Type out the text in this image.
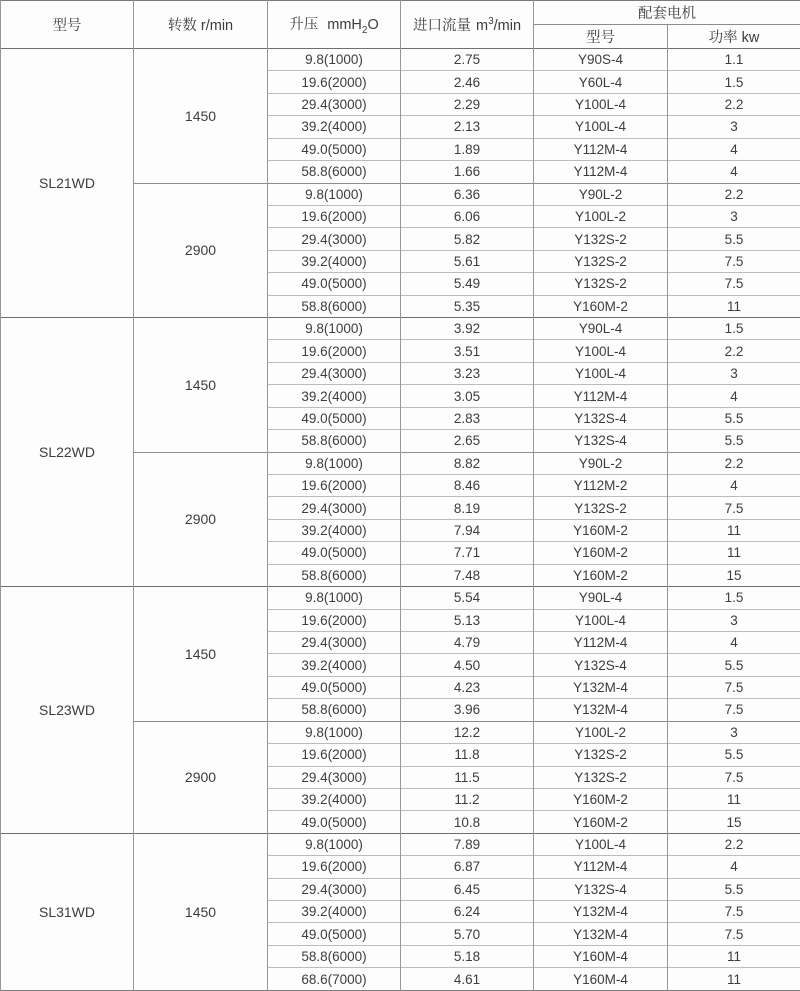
型号	转数 r/min	升压 mmH$_2$O	进口流量 $m^3/\min$	配套电机	
				型号	功率 kw
SL21WD	1450	9.8(1000)	2.75	Y90S-4	1.1
		19.6(2000)	2.46	Y60L-4	1.5
		29.4(3000)	2.29	Y100L-4	2.2
		39.2(4000)	2.13	Y100L-4	3
		49.0(5000)	1.89	Y112M-4	4
		58.8(6000)	1.66	Y112M-4	4
	2900	9.8(1000)	6.36	Y90L-2	2.2
		19.6(2000)	6.06	Y100L-2	3
		29.4(3000)	5.82	Y132S-2	5.5
		39.2(4000)	5.61	Y132S-2	7.5
		49.0(5000)	5.49	Y132S-2	7.5
		58.8(6000)	5.35	Y160M-2	11
SL22WD	1450	9.8(1000)	3.92	Y90L-4	1.5
		19.6(2000)	3.51	Y100L-4	2.2
		29.4(3000)	3.23	Y100L-4	3
		39.2(4000)	3.05	Y112M-4	4
		49.0(5000)	2.83	Y132S-4	5.5
		58.8(6000)	2.65	Y132S-4	5.5
	2900	9.8(1000)	8.82	Y90L-2	2.2
		19.6(2000)	8.46	Y112M-2	4
		29.4(3000)	8.19	Y132S-2	7.5
		39.2(4000)	7.94	Y160M-2	11
		49.0(5000)	7.71	Y160M-2	11
		58.8(6000)	7.48	Y160M-2	15
SL23WD	1450	9.8(1000)	5.54	Y90L-4	1.5
		19.6(2000)	5.13	Y100L-4	3
		29.4(3000)	4.79	Y112M-4	4
		39.2(4000)	4.50	Y132S-4	5.5
		49.0(5000)	4.23	Y132M-4	7.5
		58.8(6000)	3.96	Y132M-4	7.5
	2900	9.8(1000)	12.2	Y100L-2	3
		19.6(2000)	11.8	Y132S-2	5.5
		29.4(3000)	11.5	Y132S-2	7.5
		39.2(4000)	11.2	Y160M-2	11
		49.0(5000)	10.8	Y160M-2	15
SL31WD	1450	9.8(1000)	7.89	Y100L-4	2.2
		19.6(2000)	6.87	Y112M-4	4
		29.4(3000)	6.45	Y132S-4	5.5
		39.2(4000)	6.24	Y132M-4	7.5
		49.0(5000)	5.70	Y132M-4	7.5
		58.8(6000)	5.18	Y160M-4	11
		68.6(7000)	4.61	Y160M-4	11
